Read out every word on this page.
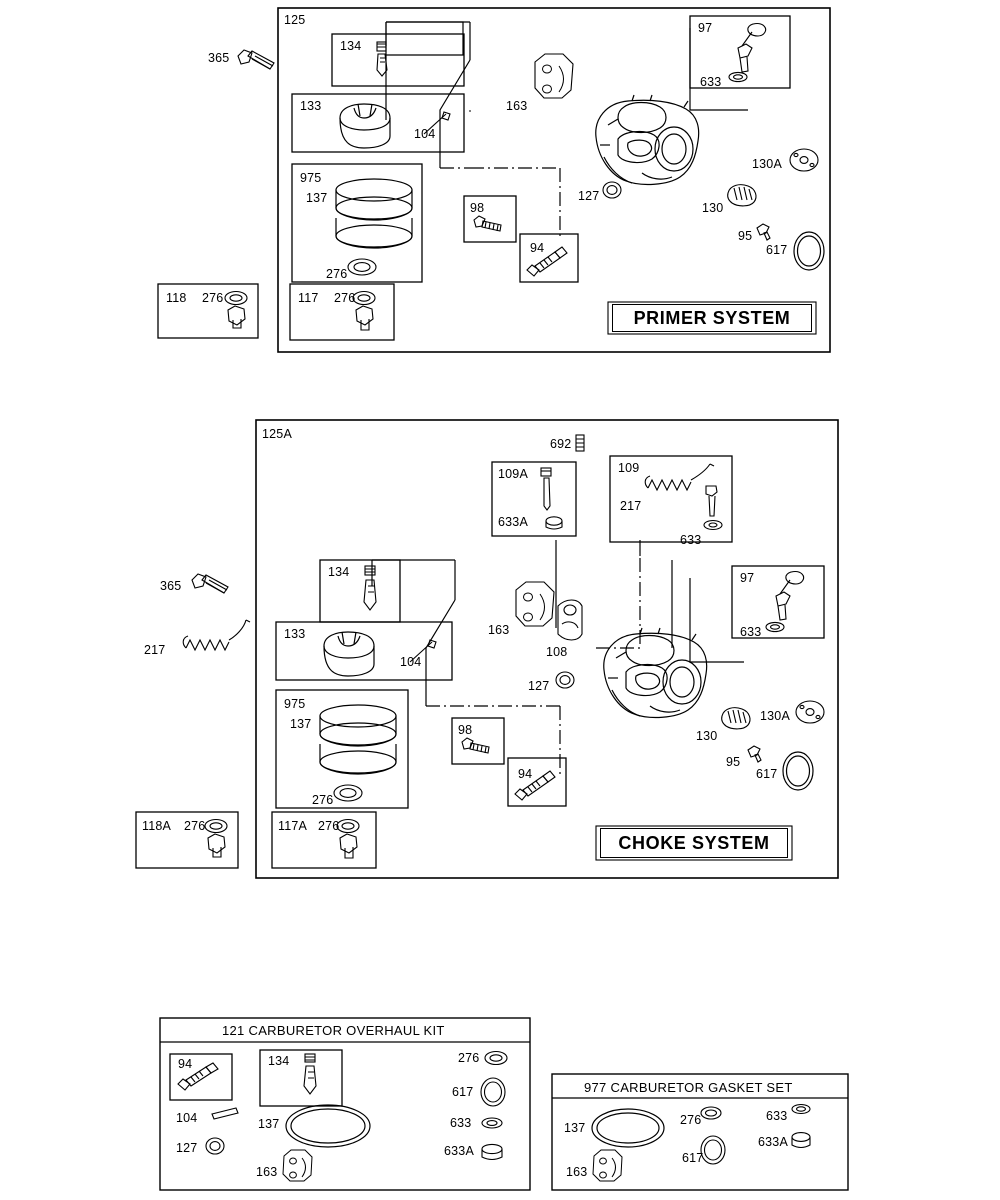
125
365
134
97
633
163
133
104
130A
975
137
98
127
130
95
617
94
276
118 276	117 276
PRIMER SYSTEM
125A
692
109A
633A
109
217
633
365
217
134	97
633
163
108
133
104
127
130A
975
137	98	130
95
617
94
276
118A 276	117A 276
CHOKE SYSTEM
121 CARBURETOR OVERHAUL KIT
94	134	276
617
633
633A
104	137
127
163
977 CARBURETOR GASKET SET
137
276	633
633A
163
617
